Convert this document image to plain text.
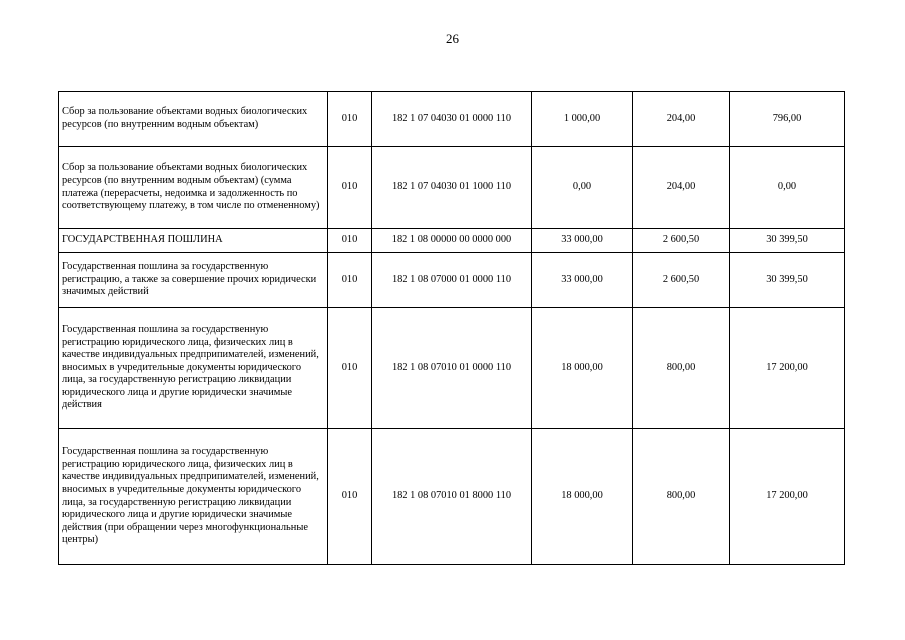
26
Сбор за пользование объектами водных биологических ресурсов (по внутренним водным объектам)	010	182 1 07 04030 01 0000 110	1 000,00	204,00	796,00
Сбор за пользование объектами водных биологических ресурсов (по внутренним водным объектам) (сумма платежа (перерасчеты, недоимка и задолженность по соответствующему платежу, в том числе по отмененному)	010	182 1 07 04030 01 1000 110	0,00	204,00	0,00
ГОСУДАРСТВЕННАЯ ПОШЛИНА	010	182 1 08 00000 00 0000 000	33 000,00	2 600,50	30 399,50
Государственная пошлина за государственную регистрацию, а также за совершение прочих юридически значимых действий	010	182 1 08 07000 01 0000 110	33 000,00	2 600,50	30 399,50
Государственная пошлина за государственную регистрацию юридического лица, физических лиц в качестве индивидуальных предприпимателей, изменений, вносимых в учредительные документы юридического лица, за государственную регистрацию ликвидации юридического лица и другие юридически значимые действия	010	182 1 08 07010 01 0000 110	18 000,00	800,00	17 200,00
Государственная пошлина за государственную регистрацию юридического лица, физических лиц в качестве индивидуальных предприпимателей, изменений, вносимых в учредительные документы юридического лица, за государственную регистрацию ликвидации юридического лица и другие юридически значимые действия (при обращении через многофункциональные центры)	010	182 1 08 07010 01 8000 110	18 000,00	800,00	17 200,00
